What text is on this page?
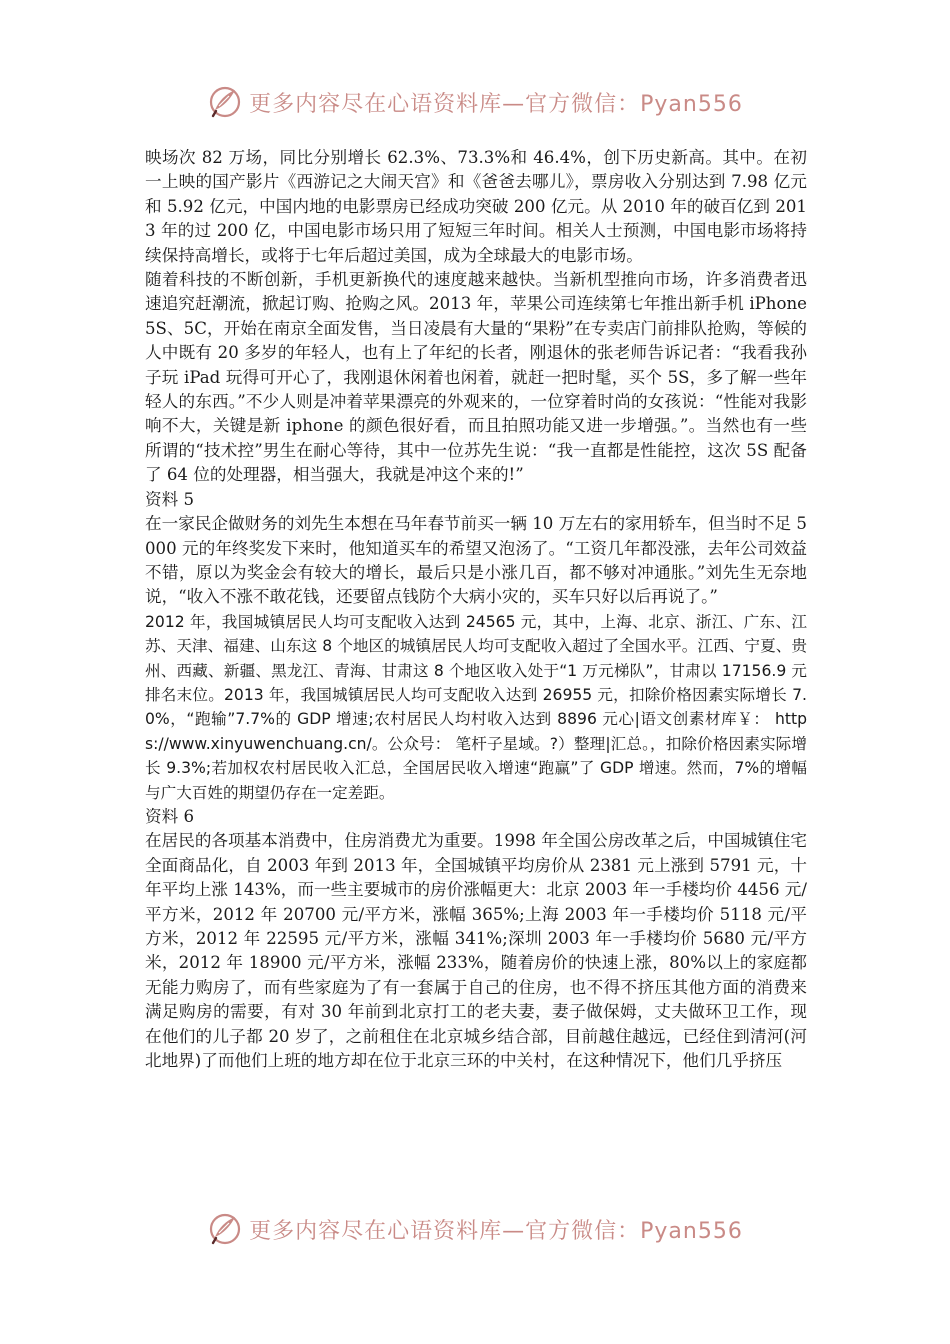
更多内容尽在心语资料库—官方微信：Pyan556

映场次 82 万场，同比分别增长 62.3%、73.3%和 46.4%，创下历史新高。其中。在初一上映的国产影片《西游记之大闹天宫》和《爸爸去哪儿》，票房收入分别达到 7.98 亿元和 5.92 亿元，中国内地的电影票房已经成功突破 200 亿元。从 2010 年的破百亿到 2013 年的过 200 亿，中国电影市场只用了短短三年时间。相关人士预测，中国电影市场将持续保持高增长，或将于七年后超过美国，成为全球最大的电影市场。

随着科技的不断创新，手机更新换代的速度越来越快。当新机型推向市场，许多消费者迅速追究赶潮流，掀起订购、抢购之风。2013 年，苹果公司连续第七年推出新手机 iPhone5S、5C，开始在南京全面发售，当日凌晨有大量的“果粉”在专卖店门前排队抢购，等候的人中既有 20 多岁的年轻人，也有上了年纪的长者，刚退休的张老师告诉记者：“我看我孙子玩 iPad 玩得可开心了，我刚退休闲着也闲着，就赶一把时髦，买个 5S，多了解一些年轻人的东西。”不少人则是冲着苹果漂亮的外观来的，一位穿着时尚的女孩说：“性能对我影响不大，关键是新 iphone 的颜色很好看，而且拍照功能又进一步增强。”。当然也有一些所谓的“技术控”男生在耐心等待，其中一位苏先生说：“我一直都是性能控，这次 5S 配备了 64 位的处理器，相当强大，我就是冲这个来的!”

资料 5

在一家民企做财务的刘先生本想在马年春节前买一辆 10 万左右的家用轿车，但当时不足 5000 元的年终奖发下来时，他知道买车的希望又泡汤了。“工资几年都没涨，去年公司效益不错，原以为奖金会有较大的增长，最后只是小涨几百，都不够对冲通胀。”刘先生无奈地说，“收入不涨不敢花钱，还要留点钱防个大病小灾的，买车只好以后再说了。”

2012 年，我国城镇居民人均可支配收入达到 24565 元，其中，上海、北京、浙江、广东、江苏、天津、福建、山东这 8 个地区的城镇居民人均可支配收入超过了全国水平。江西、宁夏、贵州、西藏、新疆、黑龙江、青海、甘肃这 8 个地区收入处于“1 万元梯队”，甘肃以 17156.9 元排名末位。2013 年，我国城镇居民人均可支配收入达到 26955 元，扣除价格因素实际增长 7.0%，“跑输”7.7%的 GDP 增速;农村居民人均村收入达到 8896 元心|语文创素材库￥： https://www.xinyuwenchuang.cn/。公众号： 笔杆子星域。?）整理|汇总。，扣除价格因素实际增长 9.3%;若加权农村居民收入汇总，全国居民收入增速“跑赢”了 GDP 增速。然而，7%的增幅与广大百姓的期望仍存在一定差距。

资料 6

在居民的各项基本消费中，住房消费尤为重要。1998 年全国公房改革之后，中国城镇住宅全面商品化，自 2003 年到 2013 年，全国城镇平均房价从 2381 元上涨到 5791 元，十年平均上涨 143%，而一些主要城市的房价涨幅更大：北京 2003 年一手楼均价 4456 元/平方米，2012 年 20700 元/平方米，涨幅 365%;上海 2003 年一手楼均价 5118 元/平方米，2012 年 22595 元/平方米，涨幅 341%;深圳 2003 年一手楼均价 5680 元/平方米，2012 年 18900 元/平方米，涨幅 233%，随着房价的快速上涨，80%以上的家庭都无能力购房了，而有些家庭为了有一套属于自己的住房，也不得不挤压其他方面的消费来满足购房的需要，有对 30 年前到北京打工的老夫妻，妻子做保姆，丈夫做环卫工作，现在他们的儿子都 20 岁了，之前租住在北京城乡结合部，目前越住越远，已经住到清河(河北地界)了而他们上班的地方却在位于北京三环的中关村，在这种情况下，他们几乎挤压

更多内容尽在心语资料库—官方微信：Pyan556
